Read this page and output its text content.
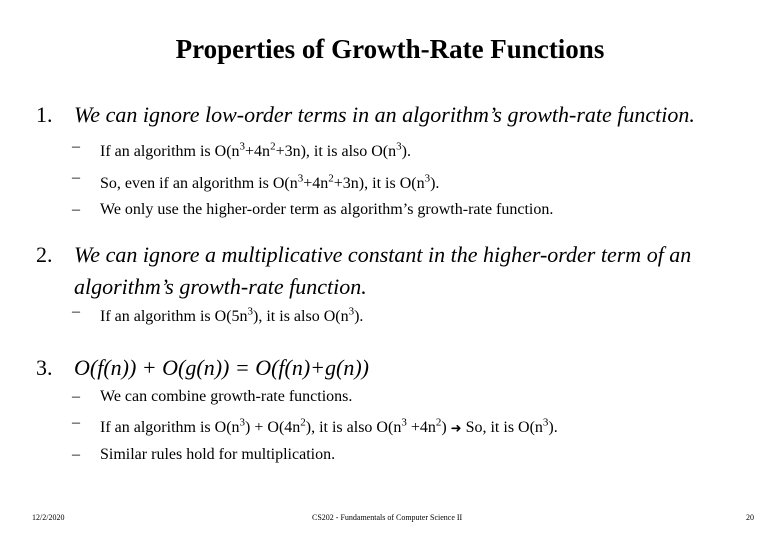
Properties of Growth-Rate Functions
1. We can ignore low-order terms in an algorithm’s growth-rate function.
– If an algorithm is $O(n^3+4n^2+3n)$, it is also $O(n^3)$.
– So, even if an algorithm is $O(n^3+4n^2+3n)$, it is $O(n^3)$.
– We only use the higher-order term as algorithm’s growth-rate function.
2. We can ignore a multiplicative constant in the higher-order term of an algorithm’s growth-rate function.
– If an algorithm is $O(5n^3)$, it is also $O(n^3)$.
3. O(f(n)) + O(g(n)) = O(f(n)+g(n))
– We can combine growth-rate functions.
– If an algorithm is $O(n^3) + O(4n^2)$, it is also $O(n^3 +4n^2)$ ➜ So, it is $O(n^3)$.
– Similar rules hold for multiplication.
12/2/2020	CS202 - Fundamentals of Computer Science II	20
